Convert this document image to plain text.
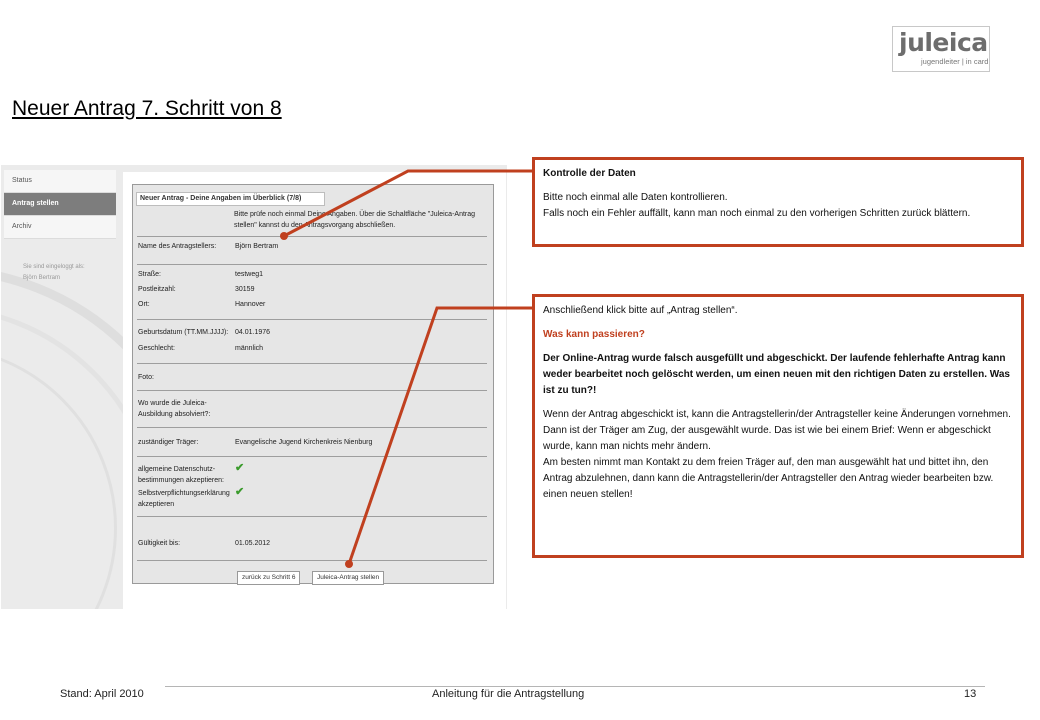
juleica
jugendleiter | in card
Neuer Antrag 7. Schritt von 8
Status
Antrag stellen
Archiv
Sie sind eingeloggt als:
Björn Bertram
Neuer Antrag - Deine Angaben im Überblick (7/8)
Bitte prüfe noch einmal Deine Angaben. Über die Schaltfläche "Juleica-Antrag stellen" kannst du den Antragsvorgang abschließen.
Name des Antragstellers:	Björn Bertram
Straße:	testweg1
Postleitzahl:	30159
Ort:	Hannover
Geburtsdatum (TT.MM.JJJJ): 04.01.1976
Geschlecht:	männlich
Foto:
Wo wurde die Juleica-Ausbildung absolviert?:
zuständiger Träger:	Evangelische Jugend Kirchenkreis Nienburg
allgemeine Datenschutz-bestimmungen akzeptieren:
✔
Selbstverpflichtungserklärung akzeptieren
✔
Gültigkeit bis:	01.05.2012
zurück zu Schritt 6	Juleica-Antrag stellen
Kontrolle der Daten
Bitte noch einmal alle Daten kontrollieren.
Falls noch ein Fehler auffällt, kann man noch einmal zu den vorherigen Schritten zurück blättern.
Anschließend klick bitte auf „Antrag stellen“.
Was kann passieren?
Der Online-Antrag wurde falsch ausgefüllt und abgeschickt. Der laufende fehlerhafte Antrag kann weder bearbeitet noch gelöscht werden, um einen neuen mit den richtigen Daten zu erstellen. Was ist zu tun?!
Wenn der Antrag abgeschickt ist, kann die Antragstellerin/der Antragsteller keine Änderungen vornehmen. Dann ist der Träger am Zug, der ausgewählt wurde. Das ist wie bei einem Brief: Wenn er abgeschickt wurde, kann man nichts mehr ändern.
Am besten nimmt man Kontakt zu dem freien Träger auf, den man ausgewählt hat und bittet ihn, den Antrag abzulehnen, dann kann die Antragstellerin/der Antragsteller den Antrag wieder bearbeiten bzw. einen neuen stellen!
Stand: April 2010	Anleitung für die Antragstellung	13
